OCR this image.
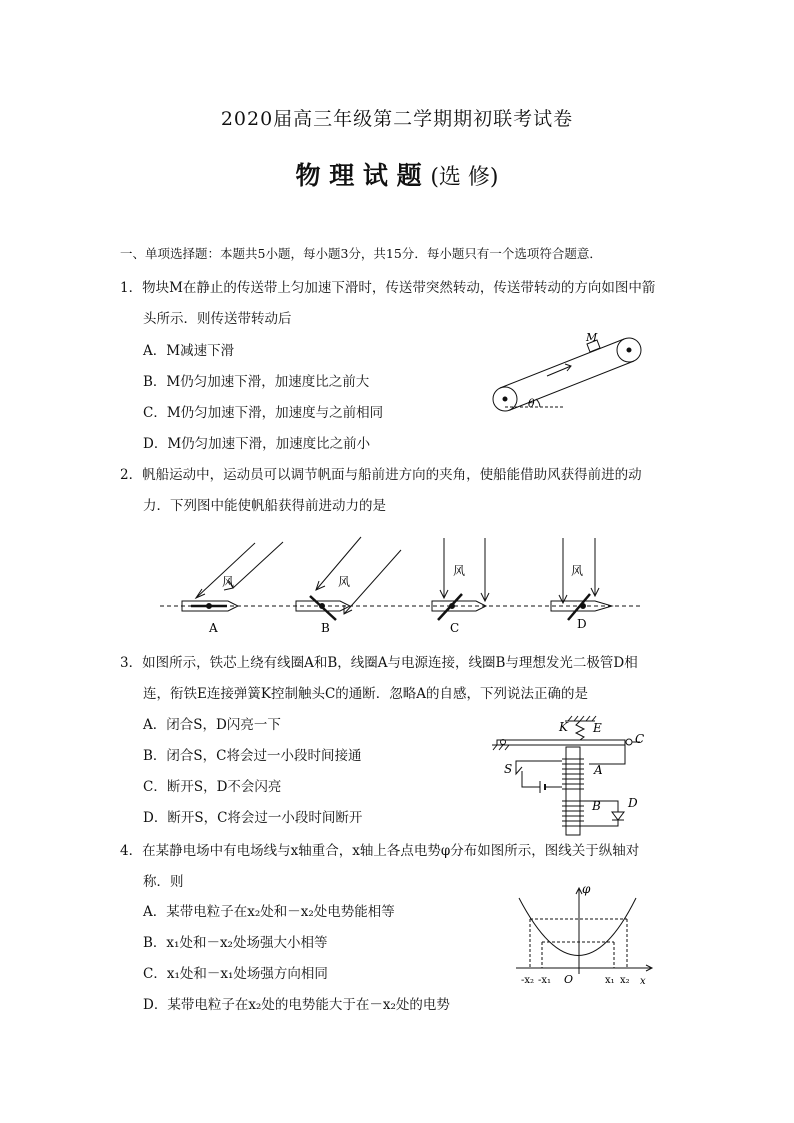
2020届高三年级第二学期期初联考试卷
物 理 试 题 (选 修)
一、单项选择题：本题共5小题，每小题3分，共15分．每小题只有一个选项符合题意．
1．物块M在静止的传送带上匀加速下滑时，传送带突然转动，传送带转动的方向如图中箭
头所示．则传送带转动后
A．M减速下滑
B．M仍匀加速下滑，加速度比之前大
C．M仍匀加速下滑，加速度与之前相同
D．M仍匀加速下滑，加速度比之前小
M
θ
2．帆船运动中，运动员可以调节帆面与船前进方向的夹角，使船能借助风获得前进的动
力．下列图中能使帆船获得前进动力的是
风	风
风	风
A	B	C	D
3．如图所示，铁芯上绕有线圈A和B，线圈A与电源连接，线圈B与理想发光二极管D相
连，衔铁E连接弹簧K控制触头C的通断．忽略A的自感，下列说法正确的是
A．闭合S，D闪亮一下
B．闭合S，C将会过一小段时间接通
C．断开S，D不会闪亮
D．断开S，C将会过一小段时间断开
K E
C
S	A
B D
4．在某静电场中有电场线与x轴重合，x轴上各点电势φ分布如图所示，图线关于纵轴对
称．则
A．某带电粒子在x₂处和－x₂处电势能相等
B．x₁处和－x₂处场强大小相等
C．x₁处和－x₁处场强方向相同
D．某带电粒子在x₂处的电势能大于在－x₂处的电势
φ
O	x
-x₂ -x₁	x₁ x₂
